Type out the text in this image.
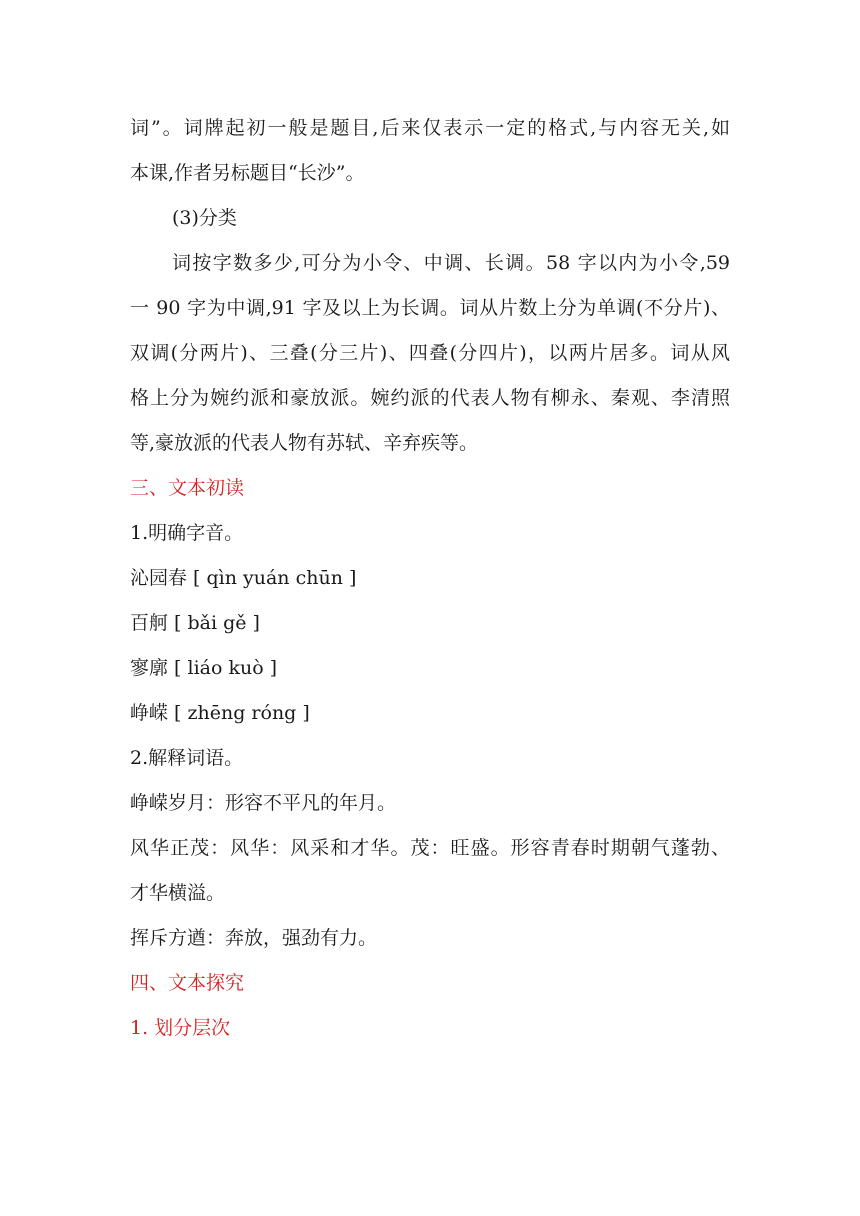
词”。词牌起初一般是题目,后来仅表示一定的格式,与内容无关,如

本课,作者另标题目“长沙”。

(3)分类

词按字数多少,可分为小令、中调、长调。58 字以内为小令,59

一 90 字为中调,91 字及以上为长调。词从片数上分为单调(不分片)、

双调(分两片)、三叠(分三片)、四叠(分四片)，以两片居多。词从风

格上分为婉约派和豪放派。婉约派的代表人物有柳永、秦观、李清照

等,豪放派的代表人物有苏轼、辛弃疾等。

三、文本初读

1.明确字音。

沁园春 [ qìn yuán chūn ]

百舸 [ bǎi gě ]

寥廓 [ liáo kuò ]

峥嵘 [ zhēng róng ]

2.解释词语。

峥嵘岁月：形容不平凡的年月。

风华正茂：风华：风采和才华。茂：旺盛。形容青春时期朝气蓬勃、

才华横溢。

挥斥方遒：奔放，强劲有力。

四、文本探究

1. 划分层次
